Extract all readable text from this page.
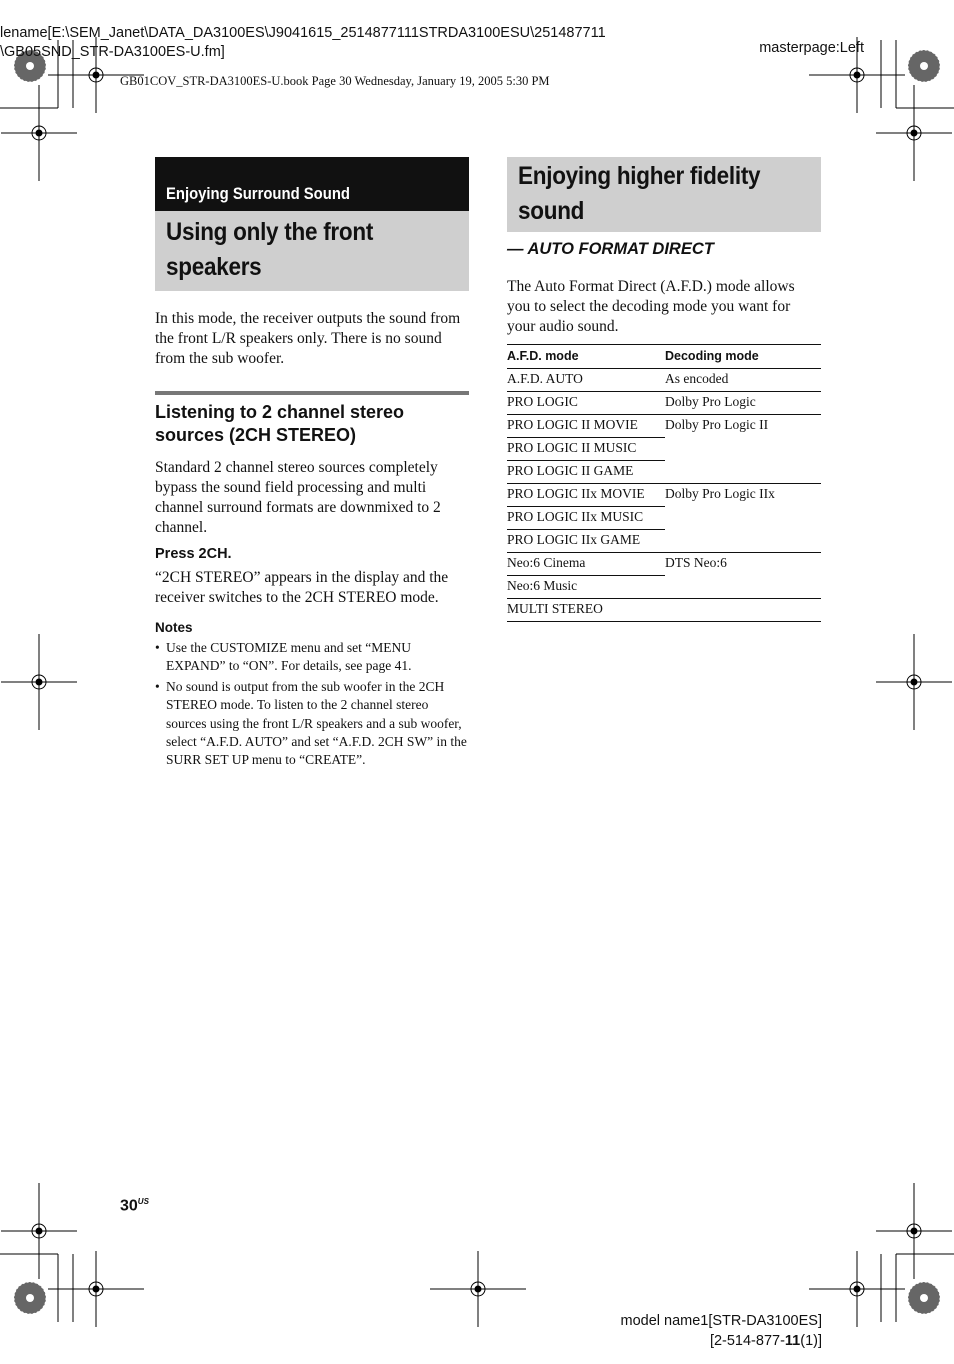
lename[E:\SEM_Janet\DATA_DA3100ES\J9041615_2514877111STRDA3100ESU\251487711
\GB05SND_STR-DA3100ES-U.fm]	masterpage:Left
GB01COV_STR-DA3100ES-U.book Page 30 Wednesday, January 19, 2005 5:30 PM
Enjoying Surround Sound
Using only the front speakers

In this mode, the receiver outputs the sound from the front L/R speakers only. There is no sound from the sub woofer.

Listening to 2 channel stereo sources (2CH STEREO)

Standard 2 channel stereo sources completely bypass the sound field processing and multi channel surround formats are downmixed to 2 channel.

Press 2CH.

“2CH STEREO” appears in the display and the receiver switches to the 2CH STEREO mode.

Notes
• Use the CUSTOMIZE menu and set “MENU EXPAND” to “ON”. For details, see page 41.
• No sound is output from the sub woofer in the 2CH STEREO mode. To listen to the 2 channel stereo sources using the front L/R speakers and a sub woofer, select “A.F.D. AUTO” and set “A.F.D. 2CH SW” in the SURR SET UP menu to “CREATE”.
Enjoying higher fidelity sound
— AUTO FORMAT DIRECT

The Auto Format Direct (A.F.D.) mode allows you to select the decoding mode you want for your audio sound.

A.F.D. mode	Decoding mode
A.F.D. AUTO	As encoded
PRO LOGIC	Dolby Pro Logic
PRO LOGIC II MOVIE	Dolby Pro Logic II
PRO LOGIC II MUSIC	
PRO LOGIC II GAME	
PRO LOGIC IIx MOVIE	Dolby Pro Logic IIx
PRO LOGIC IIx MUSIC	
PRO LOGIC IIx GAME	
Neo:6 Cinema	DTS Neo:6
Neo:6 Music	
MULTI STEREO	
$30^{US}$
model name1[STR-DA3100ES]
[2-514-877-11(1)]
